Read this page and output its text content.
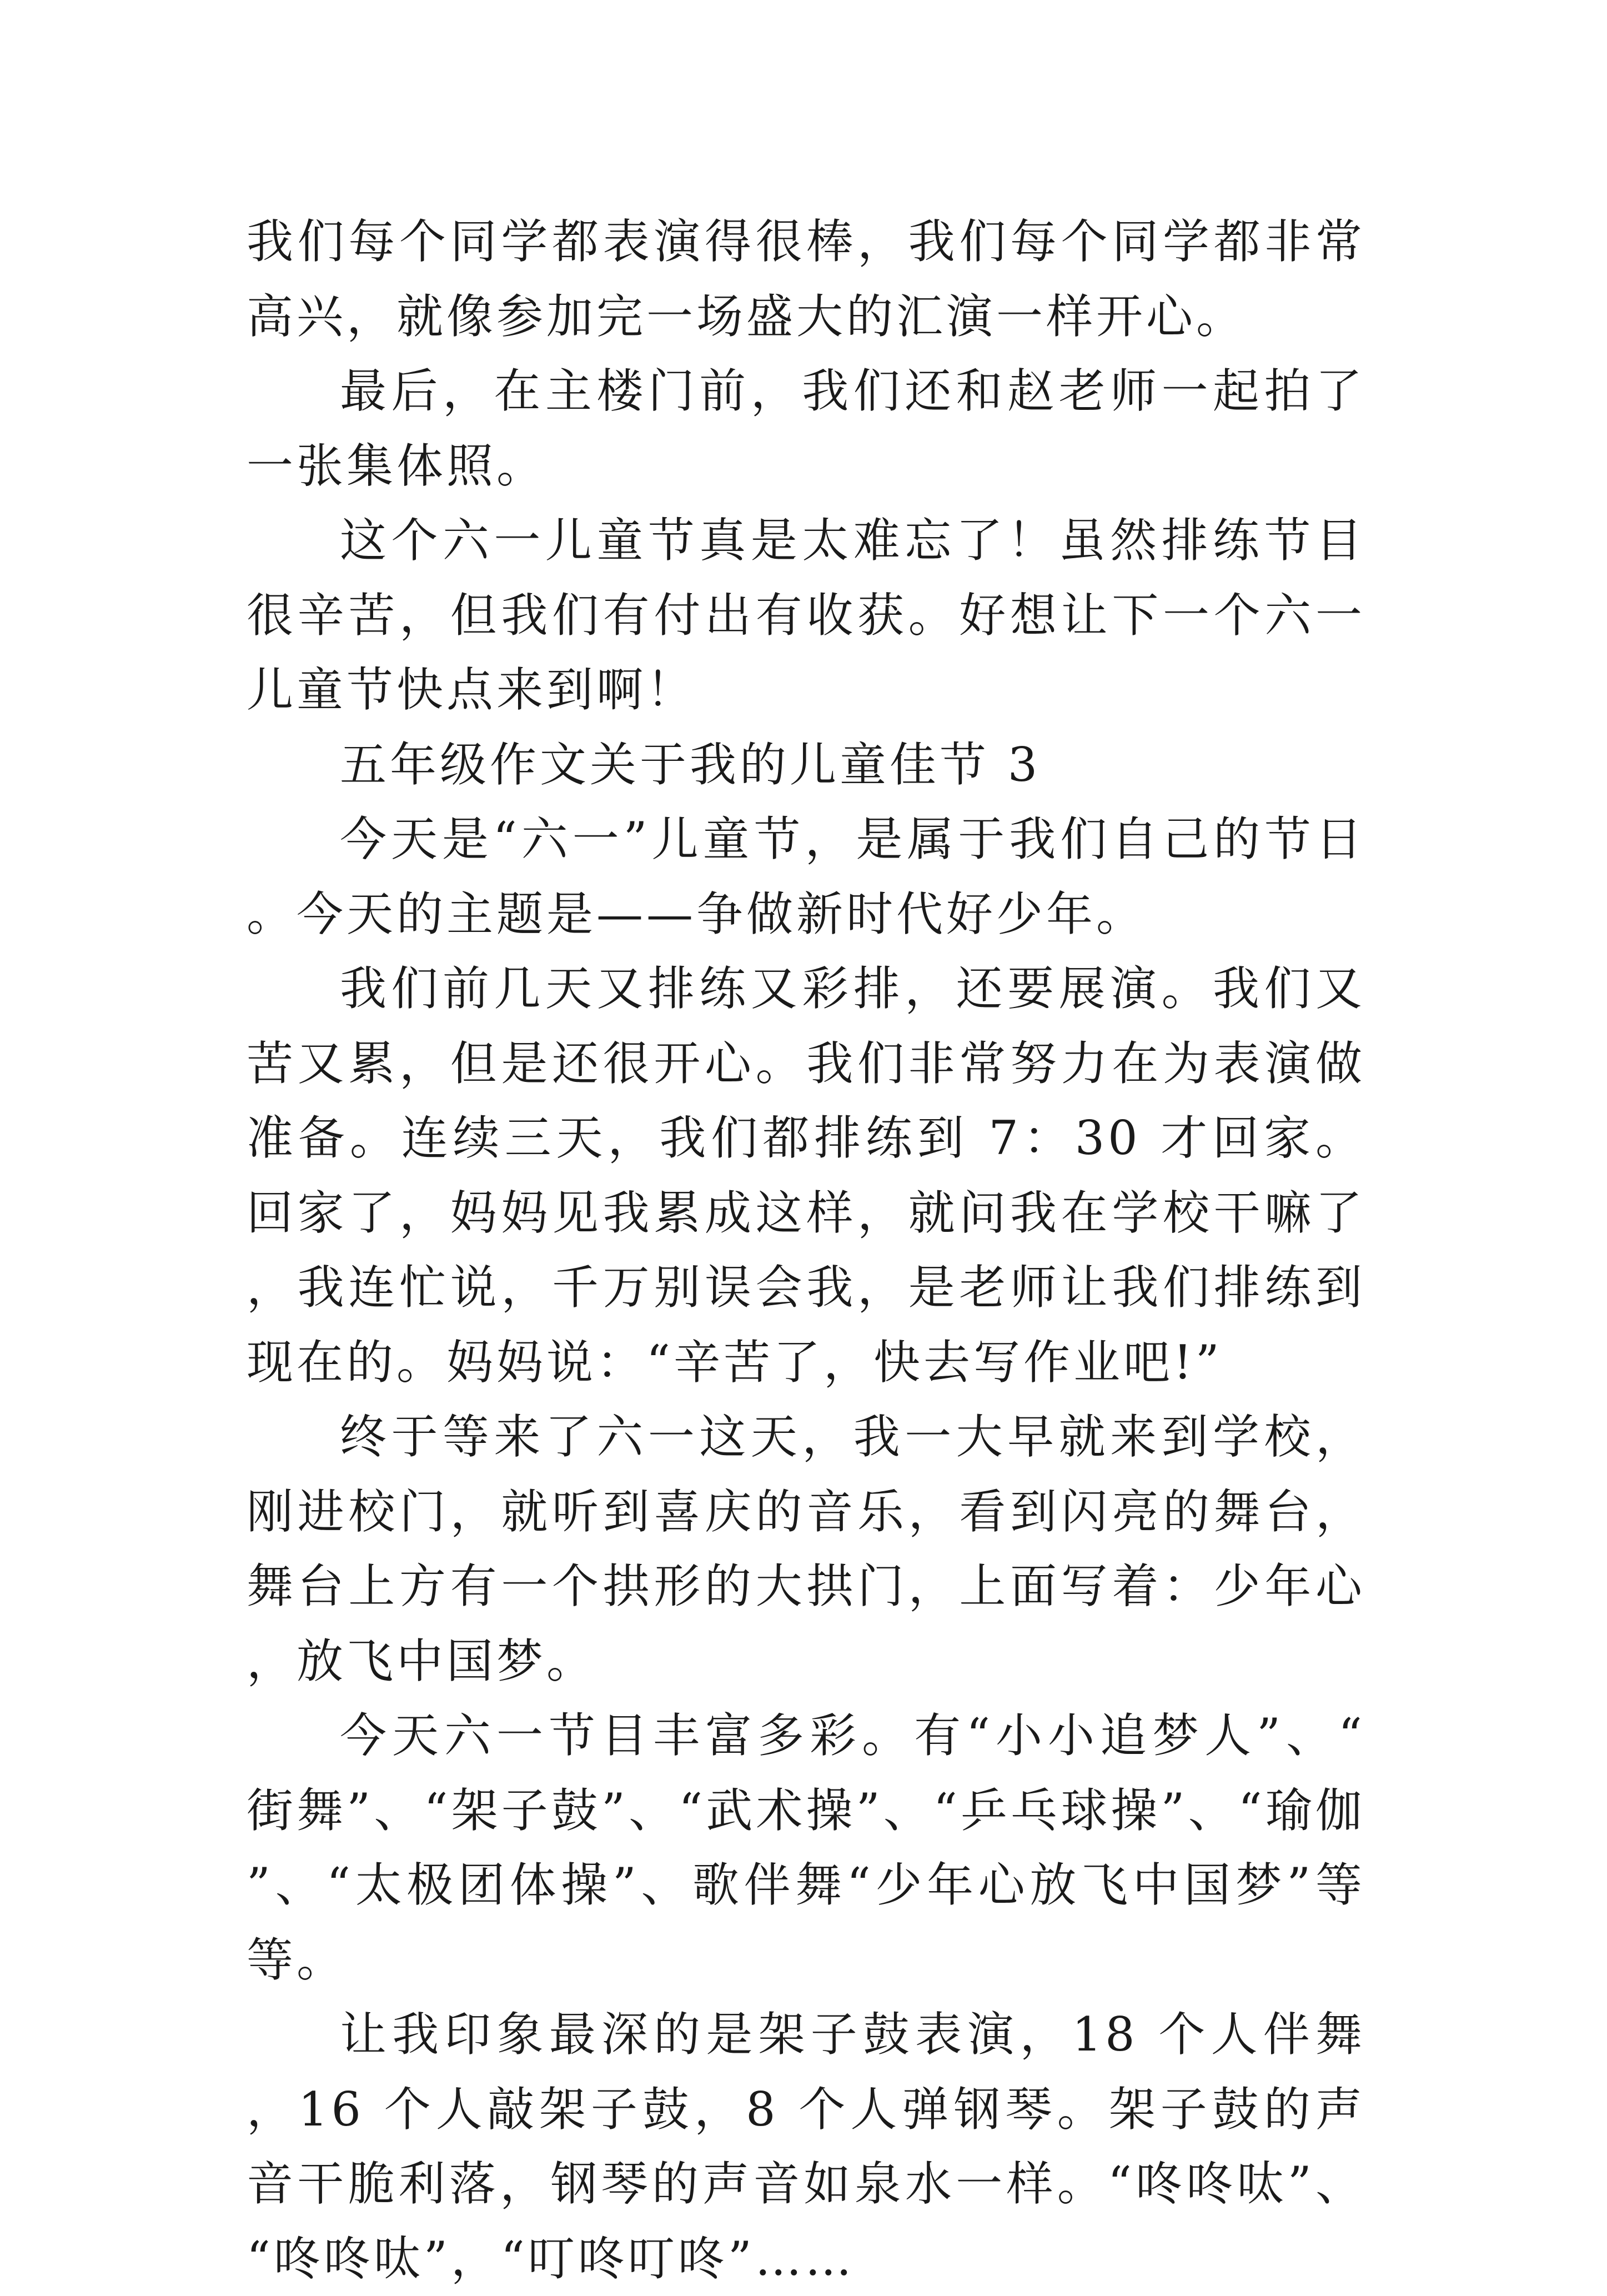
我们每个同学都表演得很棒，我们每个同学都非常高兴，就像参加完一场盛大的汇演一样开心。

最后，在主楼门前，我们还和赵老师一起拍了一张集体照。

这个六一儿童节真是太难忘了！虽然排练节目很辛苦，但我们有付出有收获。好想让下一个六一儿童节快点来到啊！

五年级作文关于我的儿童佳节 3

今天是“六一”儿童节，是属于我们自己的节日。今天的主题是——争做新时代好少年。

我们前几天又排练又彩排，还要展演。我们又苦又累，但是还很开心。我们非常努力在为表演做准备。连续三天，我们都排练到 7：30 才回家。回家了，妈妈见我累成这样，就问我在学校干嘛了，我连忙说，千万别误会我，是老师让我们排练到现在的。妈妈说：“辛苦了，快去写作业吧!”

终于等来了六一这天，我一大早就来到学校，刚进校门，就听到喜庆的音乐，看到闪亮的舞台，舞台上方有一个拱形的大拱门，上面写着：少年心，放飞中国梦。

今天六一节目丰富多彩。有“小小追梦人”、“街舞”、“架子鼓”、“武术操”、“乒乓球操”、“瑜伽”、“太极团体操”、歌伴舞“少年心放飞中国梦”等等。

让我印象最深的是架子鼓表演，18 个人伴舞，16 个人敲架子鼓，8 个人弹钢琴。架子鼓的声音干脆利落，钢琴的声音如泉水一样。“咚咚呔”、“咚咚呔”，“叮咚叮咚”……
